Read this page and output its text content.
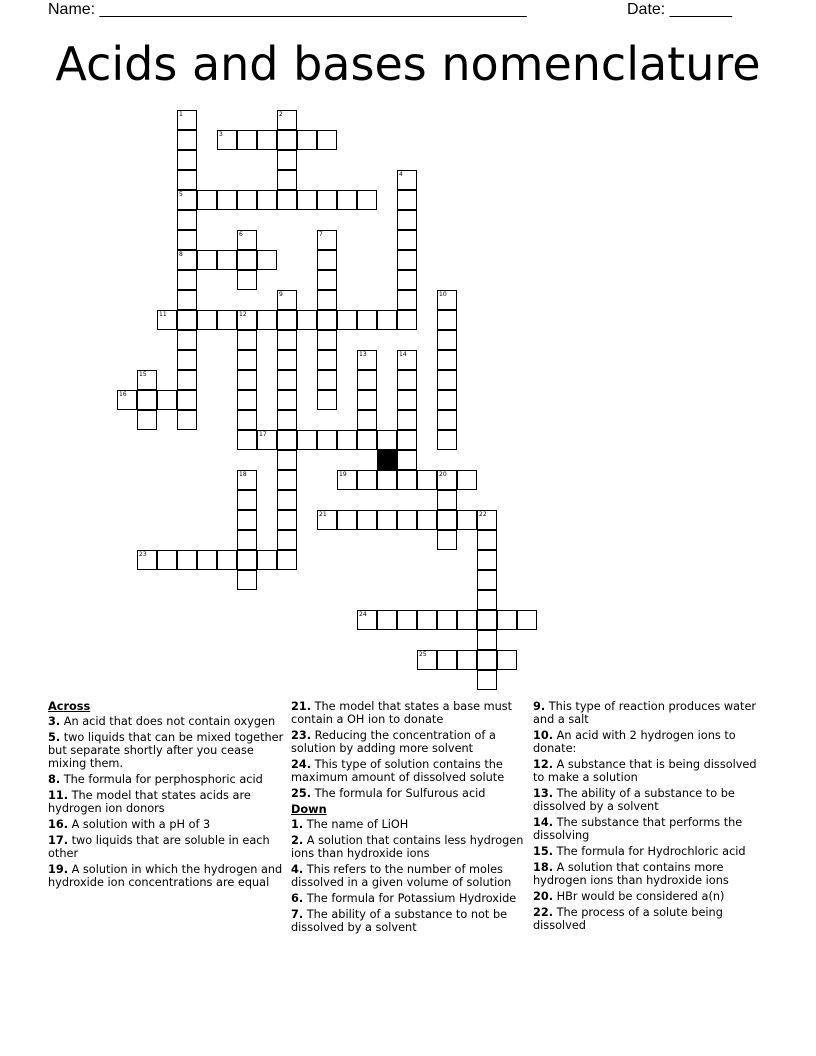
Name: ________________________________________________	Date: _______
Acids and bases nomenclature
1
5
8
2
3
4
6	7
9	10
11	12
13	14
15
16
17
18	19	20
21	22
23
24
25
Across
3. An acid that does not contain oxygen
5. two liquids that can be mixed together but separate shortly after you cease mixing them.
8. The formula for perphosphoric acid
11. The model that states acids are hydrogen ion donors
16. A solution with a pH of 3
17. two liquids that are soluble in each other
19. A solution in which the hydrogen and hydroxide ion concentrations are equal
21. The model that states a base must contain a OH ion to donate
23. Reducing the concentration of a solution by adding more solvent
24. This type of solution contains the maximum amount of dissolved solute
25. The formula for Sulfurous acid
Down
1. The name of LiOH
2. A solution that contains less hydrogen ions than hydroxide ions
4. This refers to the number of moles dissolved in a given volume of solution
6. The formula for Potassium Hydroxide
7. The ability of a substance to not be dissolved by a solvent
9. This type of reaction produces water and a salt
10. An acid with 2 hydrogen ions to donate:
12. A substance that is being dissolved to make a solution
13. The ability of a substance to be dissolved by a solvent
14. The substance that performs the dissolving
15. The formula for Hydrochloric acid
18. A solution that contains more hydrogen ions than hydroxide ions
20. HBr would be considered a(n)
22. The process of a solute being dissolved
